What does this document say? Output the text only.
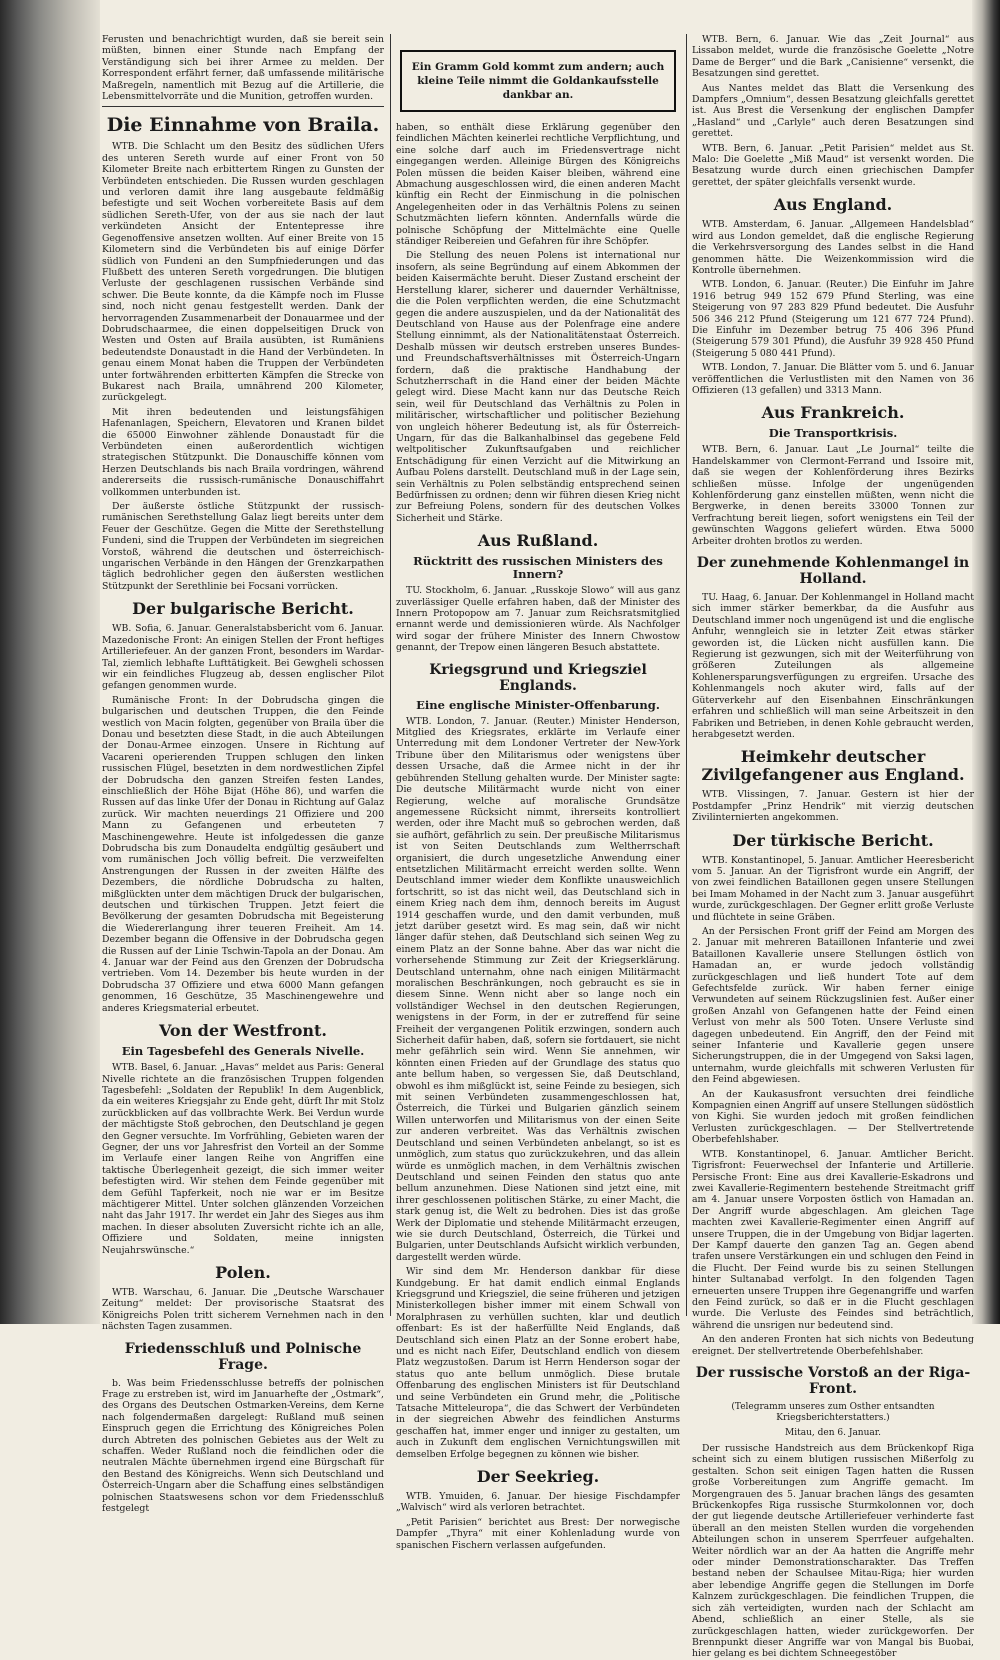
Ferusten und benachrichtigt wurden, daß sie bereit sein müßten, binnen einer Stunde nach Empfang der Verständigung sich bei ihrer Armee zu melden. Der Korrespondent erfährt ferner, daß umfassende militärische Maßregeln, namentlich mit Bezug auf die Artillerie, die Lebensmittelvorräte und die Munition, getroffen wurden.

Die Einnahme von Braila.

WTB. Die Schlacht um den Besitz des südlichen Ufers des unteren Sereth wurde auf einer Front von 50 Kilometer Breite nach erbittertem Ringen zu Gunsten der Verbündeten entschieden. Die Russen wurden geschlagen und verloren damit ihre lang ausgebaute feldmäßig befestigte und seit Wochen vorbereitete Basis auf dem südlichen Sereth-Ufer, von der aus sie nach der laut verkündeten Ansicht der Ententepresse ihre Gegenoffensive ansetzen wollten. Auf einer Breite von 15 Kilometern sind die Verbündeten bis auf einige Dörfer südlich von Fundeni an den Sumpfniederungen und das Flußbett des unteren Sereth vorgedrungen. Die blutigen Verluste der geschlagenen russischen Verbände sind schwer. Die Beute konnte, da die Kämpfe noch im Flusse sind, noch nicht genau festgestellt werden. Dank der hervorragenden Zusammenarbeit der Donauarmee und der Dobrudschaarmee, die einen doppelseitigen Druck von Westen und Osten auf Braila ausübten, ist Rumäniens bedeutendste Donaustadt in die Hand der Verbündeten. In genau einem Monat haben die Truppen der Verbündeten unter fortwährenden erbitterten Kämpfen die Strecke von Bukarest nach Braila, umnährend 200 Kilometer, zurückgelegt.

Mit ihren bedeutenden und leistungsfähigen Hafenanlagen, Speichern, Elevatoren und Kranen bildet die 65000 Einwohner zählende Donaustadt für die Verbündeten einen außerordentlich wichtigen strategischen Stützpunkt. Die Donauschiffe können vom Herzen Deutschlands bis nach Braila vordringen, während andererseits die russisch-rumänische Donauschiffahrt vollkommen unterbunden ist.

Der äußerste östliche Stützpunkt der russisch-rumänischen Serethstellung Galaz liegt bereits unter dem Feuer der Geschütze. Gegen die Mitte der Serethstellung Fundeni, sind die Truppen der Verbündeten im siegreichen Vorstoß, während die deutschen und österreichisch-ungarischen Verbände in den Hängen der Grenzkarpathen täglich bedrohlicher gegen den äußersten westlichen Stützpunkt der Serethlinie bei Focsani vorrücken.

Der bulgarische Bericht.

WB. Sofia, 6. Januar. Generalstabsbericht vom 6. Januar. Mazedonische Front: An einigen Stellen der Front heftiges Artilleriefeuer. An der ganzen Front, besonders im Wardar-Tal, ziemlich lebhafte Lufttätigkeit. Bei Gewgheli schossen wir ein feindliches Flugzeug ab, dessen englischer Pilot gefangen genommen wurde.

Rumänische Front: In der Dobrudscha gingen die bulgarischen und deutschen Truppen, die den Feinde westlich von Macin folgten, gegenüber von Braila über die Donau und besetzten diese Stadt, in die auch Abteilungen der Donau-Armee einzogen. Unsere in Richtung auf Vacareni operierenden Truppen schlugen den linken russischen Flügel, besetzten in dem nordwestlichen Zipfel der Dobrudscha den ganzen Streifen festen Landes, einschließlich der Höhe Bijat (Höhe 86), und warfen die Russen auf das linke Ufer der Donau in Richtung auf Galaz zurück. Wir machten neuerdings 21 Offiziere und 200 Mann zu Gefangenen und erbeuteten 7 Maschinengewehre. Heute ist infolgedessen die ganze Dobrudscha bis zum Donaudelta endgültig gesäubert und vom rumänischen Joch völlig befreit. Die verzweifelten Anstrengungen der Russen in der zweiten Hälfte des Dezembers, die nördliche Dobrudscha zu halten, mißglückten unter dem mächtigen Druck der bulgarischen, deutschen und türkischen Truppen. Jetzt feiert die Bevölkerung der gesamten Dobrudscha mit Begeisterung die Wiedererlangung ihrer teueren Freiheit. Am 14. Dezember begann die Offensive in der Dobrudscha gegen die Russen auf der Linie Tschwin-Tapola an der Donau. Am 4. Januar war der Feind aus den Grenzen der Dobrudscha vertrieben. Vom 14. Dezember bis heute wurden in der Dobrudscha 37 Offiziere und etwa 6000 Mann gefangen genommen, 16 Geschütze, 35 Maschinengewehre und anderes Kriegsmaterial erbeutet.

Von der Westfront.
Ein Tagesbefehl des Generals Nivelle.

WTB. Basel, 6. Januar. „Havas“ meldet aus Paris: General Nivelle richtete an die französischen Truppen folgenden Tagesbefehl: „Soldaten der Republik! In dem Augenblick, da ein weiteres Kriegsjahr zu Ende geht, dürft Ihr mit Stolz zurückblicken auf das vollbrachte Werk. Bei Verdun wurde der mächtigste Stoß gebrochen, den Deutschland je gegen den Gegner versuchte. Im Vorfrühling, Gebieten waren der Gegner, der uns vor Jahresfrist den Vorteil an der Somme im Verlaufe einer langen Reihe von Angriffen eine taktische Überlegenheit gezeigt, die sich immer weiter befestigten wird. Wir stehen dem Feinde gegenüber mit dem Gefühl Tapferkeit, noch nie war er im Besitze mächtigerer Mittel. Unter solchen glänzenden Vorzeichen naht das Jahr 1917. Ihr werdet ein Jahr des Sieges aus ihm machen. In dieser absoluten Zuversicht richte ich an alle, Offiziere und Soldaten, meine innigsten Neujahrswünsche.“

Polen.

WTB. Warschau, 6. Januar. Die „Deutsche Warschauer Zeitung“ meldet: Der provisorische Staatsrat des Königreichs Polen tritt sicherem Vernehmen nach in den nächsten Tagen zusammen.

Friedensschluß und Polnische Frage.

b. Was beim Friedensschlusse betreffs der polnischen Frage zu erstreben ist, wird im Januarhefte der „Ostmark“, des Organs des Deutschen Ostmarken-Vereins, dem Kerne nach folgendermaßen dargelegt: Rußland muß seinen Einspruch gegen die Errichtung des Königreiches Polen durch Abtreten des polnischen Gebietes aus der Welt zu schaffen. Weder Rußland noch die feindlichen oder die neutralen Mächte übernehmen irgend eine Bürgschaft für den Bestand des Königreichs. Wenn sich Deutschland und Österreich-Ungarn aber die Schaffung eines selbständigen polnischen Staatswesens schon vor dem Friedensschluß festgelegt

Ein Gramm Gold kommt zum andern; auch kleine Teile nimmt die Goldankaufsstelle dankbar an.

haben, so enthält diese Erklärung gegenüber den feindlichen Mächten keinerlei rechtliche Verpflichtung, und eine solche darf auch im Friedensvertrage nicht eingegangen werden. Alleinige Bürgen des Königreichs Polen müssen die beiden Kaiser bleiben, während eine Abmachung ausgeschlossen wird, die einen anderen Macht künftig ein Recht der Einmischung in die polnischen Angelegenheiten oder in das Verhältnis Polens zu seinen Schutzmächten liefern könnten. Andernfalls würde die polnische Schöpfung der Mittelmächte eine Quelle ständiger Reibereien und Gefahren für ihre Schöpfer.

Die Stellung des neuen Polens ist international nur insofern, als seine Begründung auf einem Abkommen der beiden Kaisermächte beruht. Dieser Zustand erscheint der Herstellung klarer, sicherer und dauernder Verhältnisse, die die Polen verpflichten werden, die eine Schutzmacht gegen die andere auszuspielen, und da der Nationalität des Deutschland von Hause aus der Polenfrage eine andere Stellung einnimmt, als der Nationalitätenstaat Österreich. Deshalb müssen wir deutsch erstreben unseres Bundes- und Freundschaftsverhältnisses mit Österreich-Ungarn fordern, daß die praktische Handhabung der Schutzherrschaft in die Hand einer der beiden Mächte gelegt wird. Diese Macht kann nur das Deutsche Reich sein, weil für Deutschland das Verhältnis zu Polen in militärischer, wirtschaftlicher und politischer Beziehung von ungleich höherer Bedeutung ist, als für Österreich-Ungarn, für das die Balkanhalbinsel das gegebene Feld weltpolitischer Zukunftsaufgaben und reichlicher Entschädigung für einen Verzicht auf die Mitwirkung an Aufbau Polens darstellt. Deutschland muß in der Lage sein, sein Verhältnis zu Polen selbständig entsprechend seinen Bedürfnissen zu ordnen; denn wir führen diesen Krieg nicht zur Befreiung Polens, sondern für des deutschen Volkes Sicherheit und Stärke.

Aus Rußland.
Rücktritt des russischen Ministers des Innern?

TU. Stockholm, 6. Januar. „Russkoje Slowo“ will aus ganz zuverlässiger Quelle erfahren haben, daß der Minister des Innern Protopopow am 7. Januar zum Reichsratsmitglied ernannt werde und demissionieren würde. Als Nachfolger wird sogar der frühere Minister des Innern Chwostow genannt, der Trepow einen längeren Besuch abstattete.

Kriegsgrund und Kriegsziel Englands.
Eine englische Minister-Offenbarung.

WTB. London, 7. Januar. (Reuter.) Minister Henderson, Mitglied des Kriegsrates, erklärte im Verlaufe einer Unterredung mit dem Londoner Vertreter der New-York Tribune über den Militarismus oder wenigstens über dessen Ursache, daß die Armee nicht in der ihr gebührenden Stellung gehalten wurde. Der Minister sagte: Die deutsche Militärmacht wurde nicht von einer Regierung, welche auf moralische Grundsätze angemessene Rücksicht nimmt, ihrerseits kontrolliert werden, oder ihre Macht muß so gebrochen werden, daß sie aufhört, gefährlich zu sein. Der preußische Militarismus ist von Seiten Deutschlands zum Weltherrschaft organisiert, die durch ungesetzliche Anwendung einer entsetzlichen Militärmacht erreicht werden sollte. Wenn Deutschland immer wieder dem Konflikte unausweichlich fortschritt, so ist das nicht weil, das Deutschland sich in einem Krieg nach dem ihm, dennoch bereits im August 1914 geschaffen wurde, und den damit verbunden, muß jetzt darüber gesetzt wird. Es mag sein, daß wir nicht länger dafür stehen, daß Deutschland sich seinen Weg zu einem Platz an der Sonne bahne. Aber das war nicht die vorhersehende Stimmung zur Zeit der Kriegserklärung. Deutschland unternahm, ohne nach einigen Militärmacht moralischen Beschränkungen, noch gebraucht es sie in diesem Sinne. Wenn nicht aber so lange noch ein vollständiger Wechsel in den deutschen Regierungen, wenigstens in der Form, in der er zutreffend für seine Freiheit der vergangenen Politik erzwingen, sondern auch Sicherheit dafür haben, daß, sofern sie fortdauert, sie nicht mehr gefährlich sein wird. Wenn Sie annehmen, wir könnten einen Frieden auf der Grundlage des status quo ante bellum haben, so vergessen Sie, daß Deutschland, obwohl es ihm mißglückt ist, seine Feinde zu besiegen, sich mit seinen Verbündeten zusammengeschlossen hat, Österreich, die Türkei und Bulgarien gänzlich seinem Willen unterworfen und Militarismus von der einen Seite zur anderen verbreitet. Was das Verhältnis zwischen Deutschland und seinen Verbündeten anbelangt, so ist es unmöglich, zum status quo zurückzukehren, und das allein würde es unmöglich machen, in dem Verhältnis zwischen Deutschland und seinen Feinden den status quo ante bellum anzunehmen. Diese Nationen sind jetzt eine, mit ihrer geschlossenen politischen Stärke, zu einer Macht, die stark genug ist, die Welt zu bedrohen. Dies ist das große Werk der Diplomatie und stehende Militärmacht erzeugen, wie sie durch Deutschland, Österreich, die Türkei und Bulgarien, unter Deutschlands Aufsicht wirklich verbunden, dargestellt werden würde.

Wir sind dem Mr. Henderson dankbar für diese Kundgebung. Er hat damit endlich einmal Englands Kriegsgrund und Kriegsziel, die seine früheren und jetzigen Ministerkollegen bisher immer mit einem Schwall von Moralphrasen zu verhüllen suchten, klar und deutlich offenbart: Es ist der haßerfüllte Neid Englands, daß Deutschland sich einen Platz an der Sonne erobert habe, und es nicht nach Eifer, Deutschland endlich von diesem Platz wegzustoßen. Darum ist Herrn Henderson sogar der status quo ante bellum unmöglich. Diese brutale Offenbarung des englischen Ministers ist für Deutschland und seine Verbündeten ein Grund mehr, die „Politische Tatsache Mitteleuropa“, die das Schwert der Verbündeten in der siegreichen Abwehr des feindlichen Ansturms geschaffen hat, immer enger und inniger zu gestalten, um auch in Zukunft dem englischen Vernichtungswillen mit demselben Erfolge begegnen zu können wie bisher.

Der Seekrieg.

WTB. Ymuiden, 6. Januar. Der hiesige Fischdampfer „Walvisch“ wird als verloren betrachtet.

„Petit Parisien“ berichtet aus Brest: Der norwegische Dampfer „Thyra“ mit einer Kohlenladung wurde von spanischen Fischern verlassen aufgefunden.

WTB. Bern, 6. Januar. Wie das „Zeit Journal“ aus Lissabon meldet, wurde die französische Goelette „Notre Dame de Berger“ und die Bark „Canisienne“ versenkt, die Besatzungen sind gerettet.

Aus Nantes meldet das Blatt die Versenkung des Dampfers „Omnium“, dessen Besatzung gleichfalls gerettet ist. Aus Brest die Versenkung der englischen Dampfer „Hasland“ und „Carlyle“ auch deren Besatzungen sind gerettet.

WTB. Bern, 6. Januar. „Petit Parisien“ meldet aus St. Malo: Die Goelette „Miß Maud“ ist versenkt worden. Die Besatzung wurde durch einen griechischen Dampfer gerettet, der später gleichfalls versenkt wurde.

Aus England.

WTB. Amsterdam, 6. Januar. „Allgemeen Handelsblad“ wird aus London gemeldet, daß die englische Regierung die Verkehrsversorgung des Landes selbst in die Hand genommen hätte. Die Weizenkommission wird die Kontrolle übernehmen.

WTB. London, 6. Januar. (Reuter.) Die Einfuhr im Jahre 1916 betrug 949 152 679 Pfund Sterling, was eine Steigerung von 97 283 829 Pfund bedeutet. Die Ausfuhr 506 346 212 Pfund (Steigerung um 121 677 724 Pfund). Die Einfuhr im Dezember betrug 75 406 396 Pfund (Steigerung 579 301 Pfund), die Ausfuhr 39 928 450 Pfund (Steigerung 5 080 441 Pfund).

WTB. London, 7. Januar. Die Blätter vom 5. und 6. Januar veröffentlichen die Verlustlisten mit den Namen von 36 Offizieren (13 gefallen) und 3313 Mann.

Aus Frankreich.
Die Transportkrisis.

WTB. Bern, 6. Januar. Laut „Le Journal“ teilte die Handelskammer von Clermont-Ferrand und Issoire mit, daß sie wegen der Kohlenförderung ihres Bezirks schließen müsse. Infolge der ungenügenden Kohlenförderung ganz einstellen müßten, wenn nicht die Bergwerke, in denen bereits 33000 Tonnen zur Verfrachtung bereit liegen, sofort wenigstens ein Teil der gewünschten Waggons geliefert würden. Etwa 5000 Arbeiter drohten brotlos zu werden.

Der zunehmende Kohlenmangel in Holland.

TU. Haag, 6. Januar. Der Kohlenmangel in Holland macht sich immer stärker bemerkbar, da die Ausfuhr aus Deutschland immer noch ungenügend ist und die englische Anfuhr, wenngleich sie in letzter Zeit etwas stärker geworden ist, die Lücken nicht ausfüllen kann. Die Regierung ist gezwungen, sich mit der Weiterführung von größeren Zuteilungen als allgemeine Kohlenersparungsverfügungen zu ergreifen. Ursache des Kohlenmangels noch akuter wird, falls auf der Güterverkehr auf den Eisenbahnen Einschränkungen erfahren und schließlich will man seine Arbeitszeit in den Fabriken und Betrieben, in denen Kohle gebraucht werden, herabgesetzt werden.

Heimkehr deutscher Zivilgefangener aus England.

WTB. Vlissingen, 7. Januar. Gestern ist hier der Postdampfer „Prinz Hendrik“ mit vierzig deutschen Zivilinternierten angekommen.

Der türkische Bericht.

WTB. Konstantinopel, 5. Januar. Amtlicher Heeresbericht vom 5. Januar. An der Tigrisfront wurde ein Angriff, der von zwei feindlichen Bataillonen gegen unsere Stellungen bei Imam Mohamed in der Nacht zum 3. Januar ausgeführt wurde, zurückgeschlagen. Der Gegner erlitt große Verluste und flüchtete in seine Gräben.

An der Persischen Front griff der Feind am Morgen des 2. Januar mit mehreren Bataillonen Infanterie und zwei Bataillonen Kavallerie unsere Stellungen östlich von Hamadan an, er wurde jedoch vollständig zurückgeschlagen und ließ hundert Tote auf dem Gefechtsfelde zurück. Wir haben ferner einige Verwundeten auf seinem Rückzugslinien fest. Außer einer großen Anzahl von Gefangenen hatte der Feind einen Verlust von mehr als 500 Toten. Unsere Verluste sind dagegen unbedeutend. Ein Angriff, den der Feind mit seiner Infanterie und Kavallerie gegen unsere Sicherungstruppen, die in der Umgegend von Saksi lagen, unternahm, wurde gleichfalls mit schweren Verlusten für den Feind abgewiesen.

An der Kaukasusfront versuchten drei feindliche Kompagnien einen Angriff auf unsere Stellungen südöstlich von Kighi. Sie wurden jedoch mit großen feindlichen Verlusten zurückgeschlagen. — Der Stellvertretende Oberbefehlshaber.

WTB. Konstantinopel, 6. Januar. Amtlicher Bericht. Tigrisfront: Feuerwechsel der Infanterie und Artillerie. Persische Front: Eine aus drei Kavallerie-Eskadrons und zwei Kavallerie-Regimentern bestehende Streitmacht griff am 4. Januar unsere Vorposten östlich von Hamadan an. Der Angriff wurde abgeschlagen. Am gleichen Tage machten zwei Kavallerie-Regimenter einen Angriff auf unsere Truppen, die in der Umgebung von Bidjar lagerten. Der Kampf dauerte den ganzen Tag an. Gegen abend trafen unsere Verstärkungen ein und schlugen den Feind in die Flucht. Der Feind wurde bis zu seinen Stellungen hinter Sultanabad verfolgt. In den folgenden Tagen erneuerten unsere Truppen ihre Gegenangriffe und warfen den Feind zurück, so daß er in die Flucht geschlagen wurde. Die Verluste des Feindes sind beträchtlich, während die unsrigen nur bedeutend sind.

An den anderen Fronten hat sich nichts von Bedeutung ereignet. Der stellvertretende Oberbefehlshaber.

Der russische Vorstoß an der Riga-Front.
(Telegramm unseres zum Osther entsandten Kriegsberichterstatters.)
Mitau, den 6. Januar.

Der russische Handstreich aus dem Brückenkopf Riga scheint sich zu einem blutigen russischen Mißerfolg zu gestalten. Schon seit einigen Tagen hatten die Russen große Vorbereitungen zum Angriffe gemacht. Im Morgengrauen des 5. Januar brachen längs des gesamten Brückenkopfes Riga russische Sturmkolonnen vor, doch der gut liegende deutsche Artilleriefeuer verhinderte fast überall an den meisten Stellen wurden die vorgehenden Abteilungen schon in unserem Sperrfeuer aufgehalten. Weiter nördlich war an der Aa hatten die Angriffe mehr oder minder Demonstrationscharakter. Das Treffen bestand neben der Schaulsee Mitau-Riga; hier wurden aber lebendige Angriffe gegen die Stellungen im Dorfe Kalnzem zurückgeschlagen. Die feindlichen Truppen, die sich zäh verteidigten, wurden nach der Schlacht am Abend, schließlich an einer Stelle, als sie zurückgeschlagen hatten, wieder zurückgeworfen. Der Brennpunkt dieser Angriffe war von Mangal bis Buobai, hier gelang es bei dichtem Schneegestöber
